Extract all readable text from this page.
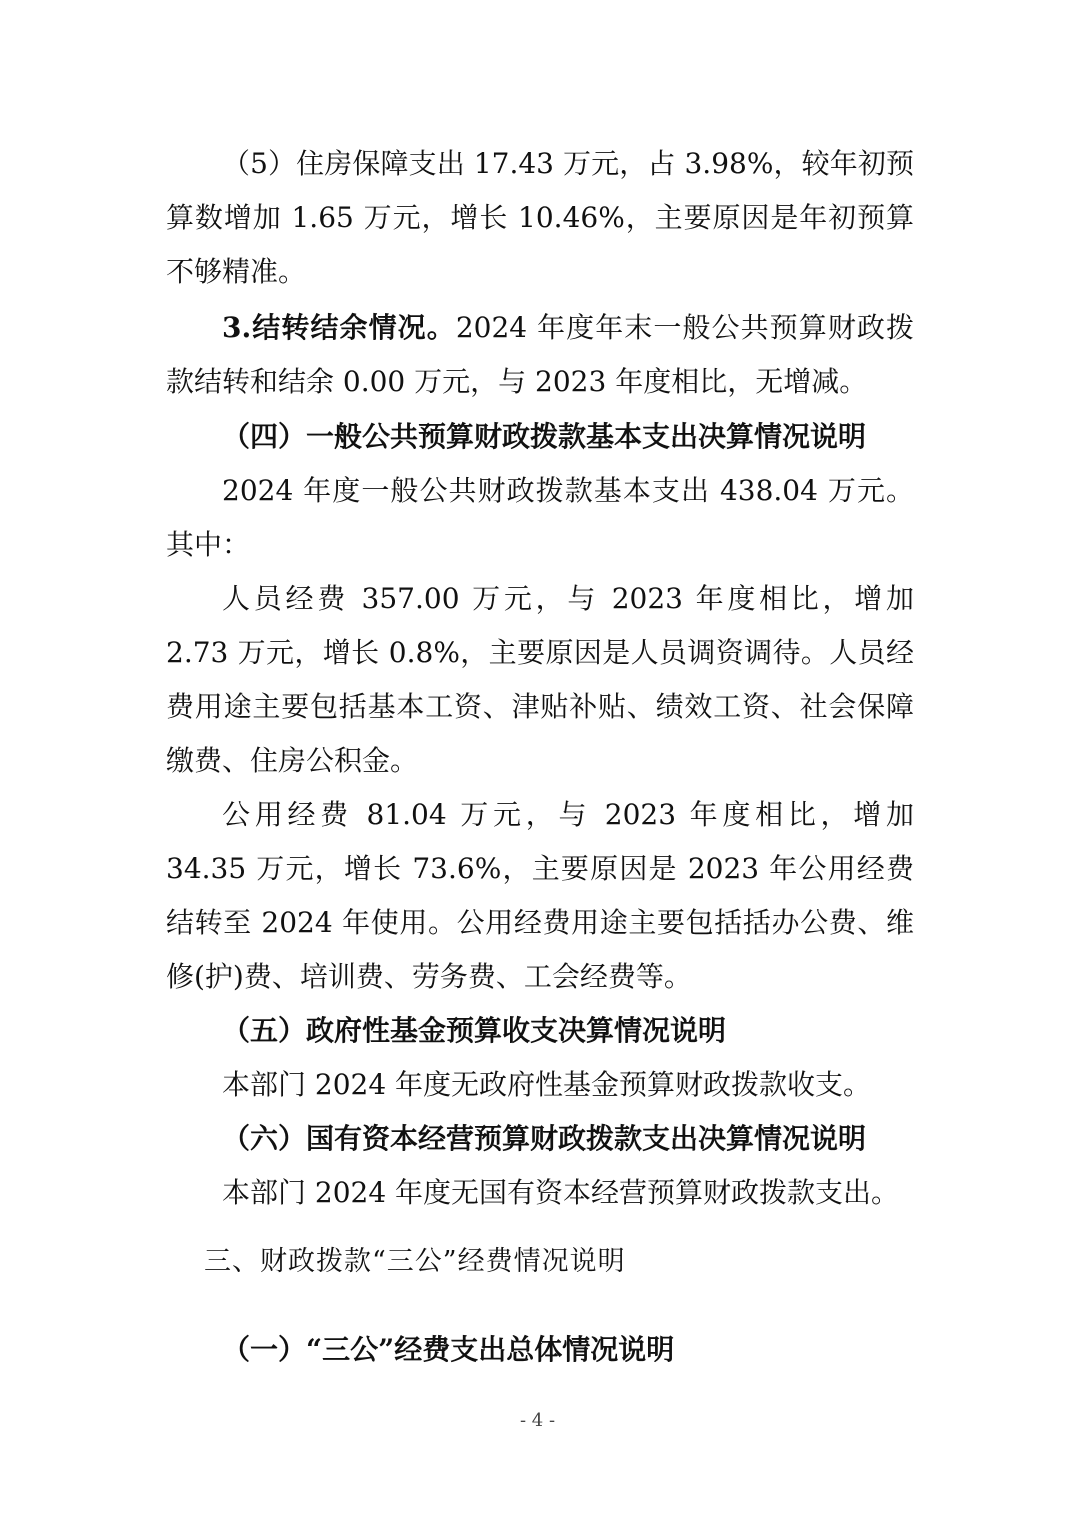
（5）住房保障支出 17.43 万元，占 3.98%，较年初预算数增加 1.65 万元，增长 10.46%，主要原因是年初预算不够精准。

3.结转结余情况。2024 年度年末一般公共预算财政拨款结转和结余 0.00 万元，与 2023 年度相比，无增减。

（四）一般公共预算财政拨款基本支出决算情况说明

2024 年度一般公共财政拨款基本支出 438.04 万元。其中：

人员经费 357.00 万元，与 2023 年度相比，增加 2.73 万元，增长 0.8%，主要原因是人员调资调待。人员经费用途主要包括基本工资、津贴补贴、绩效工资、社会保障缴费、住房公积金。

公用经费 81.04 万元，与 2023 年度相比，增加 34.35 万元，增长 73.6%，主要原因是 2023 年公用经费结转至 2024 年使用。公用经费用途主要包括括办公费、维修(护)费、培训费、劳务费、工会经费等。

（五）政府性基金预算收支决算情况说明

本部门 2024 年度无政府性基金预算财政拨款收支。

（六）国有资本经营预算财政拨款支出决算情况说明

本部门 2024 年度无国有资本经营预算财政拨款支出。

三、财政拨款“三公”经费情况说明

（一）“三公”经费支出总体情况说明

- 4 -
